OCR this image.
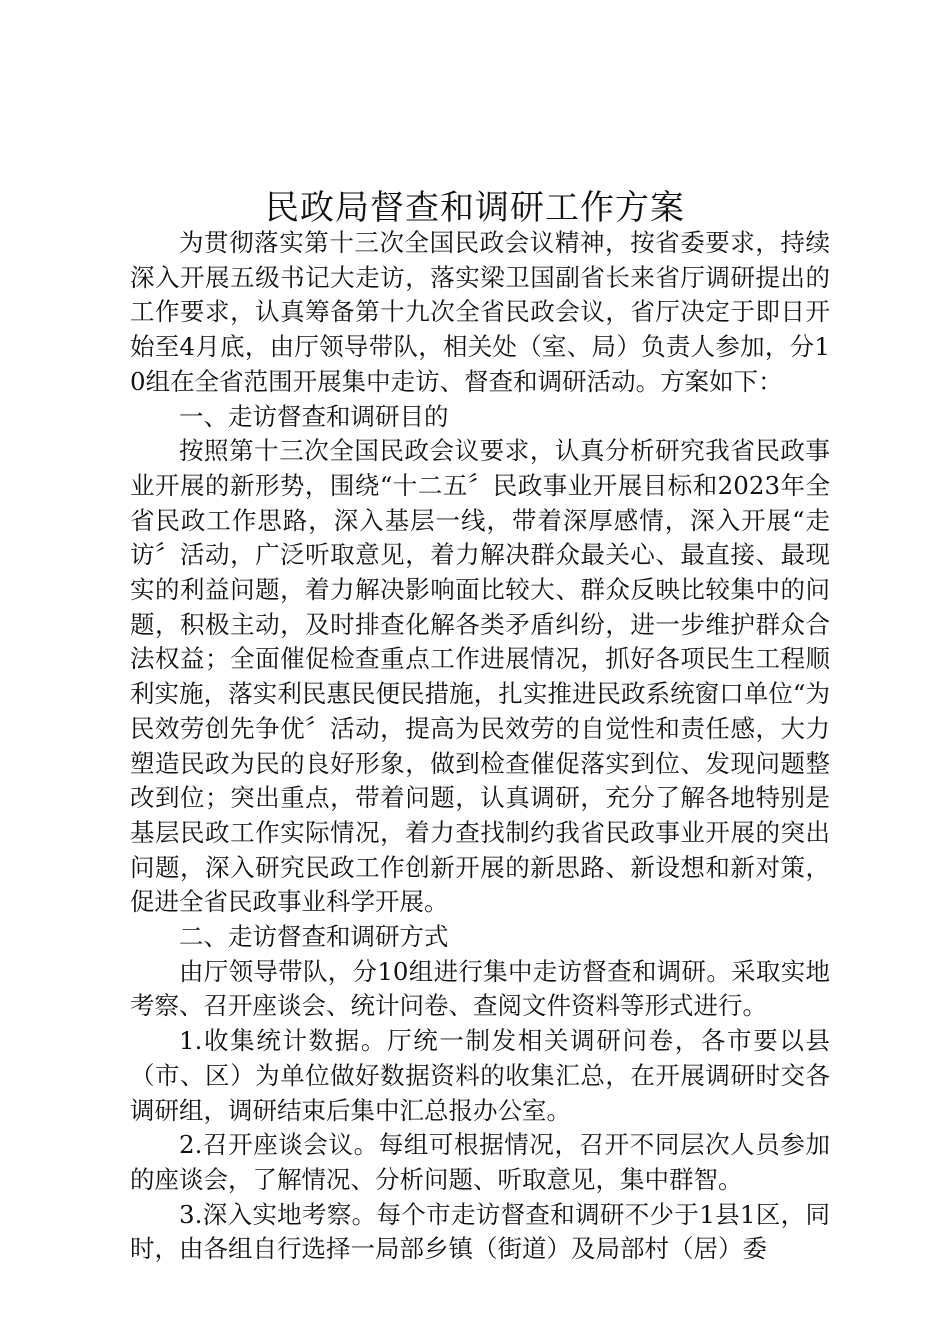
民政局督查和调研工作方案

为贯彻落实第十三次全国民政会议精神，按省委要求，持续深入开展五级书记大走访，落实梁卫国副省长来省厅调研提出的工作要求，认真筹备第十九次全省民政会议，省厅决定于即日开始至4月底，由厅领导带队，相关处（室、局）负责人参加，分10组在全省范围开展集中走访、督查和调研活动。方案如下：

一、走访督查和调研目的

按照第十三次全国民政会议要求，认真分析研究我省民政事业开展的新形势，围绕“十二五〞民政事业开展目标和2023年全省民政工作思路，深入基层一线，带着深厚感情，深入开展“走访〞活动，广泛听取意见，着力解决群众最关心、最直接、最现实的利益问题，着力解决影响面比较大、群众反映比较集中的问题，积极主动，及时排查化解各类矛盾纠纷，进一步维护群众合法权益；全面催促检查重点工作进展情况，抓好各项民生工程顺利实施，落实利民惠民便民措施，扎实推进民政系统窗口单位“为民效劳创先争优〞活动，提高为民效劳的自觉性和责任感，大力塑造民政为民的良好形象，做到检查催促落实到位、发现问题整改到位；突出重点，带着问题，认真调研，充分了解各地特别是基层民政工作实际情况，着力查找制约我省民政事业开展的突出问题，深入研究民政工作创新开展的新思路、新设想和新对策，促进全省民政事业科学开展。

二、走访督查和调研方式

由厅领导带队，分10组进行集中走访督查和调研。采取实地考察、召开座谈会、统计问卷、查阅文件资料等形式进行。

1.收集统计数据。厅统一制发相关调研问卷，各市要以县（市、区）为单位做好数据资料的收集汇总，在开展调研时交各调研组，调研结束后集中汇总报办公室。

2.召开座谈会议。每组可根据情况，召开不同层次人员参加的座谈会，了解情况、分析问题、听取意见，集中群智。

3.深入实地考察。每个市走访督查和调研不少于1县1区，同时，由各组自行选择一局部乡镇（街道）及局部村（居）委
